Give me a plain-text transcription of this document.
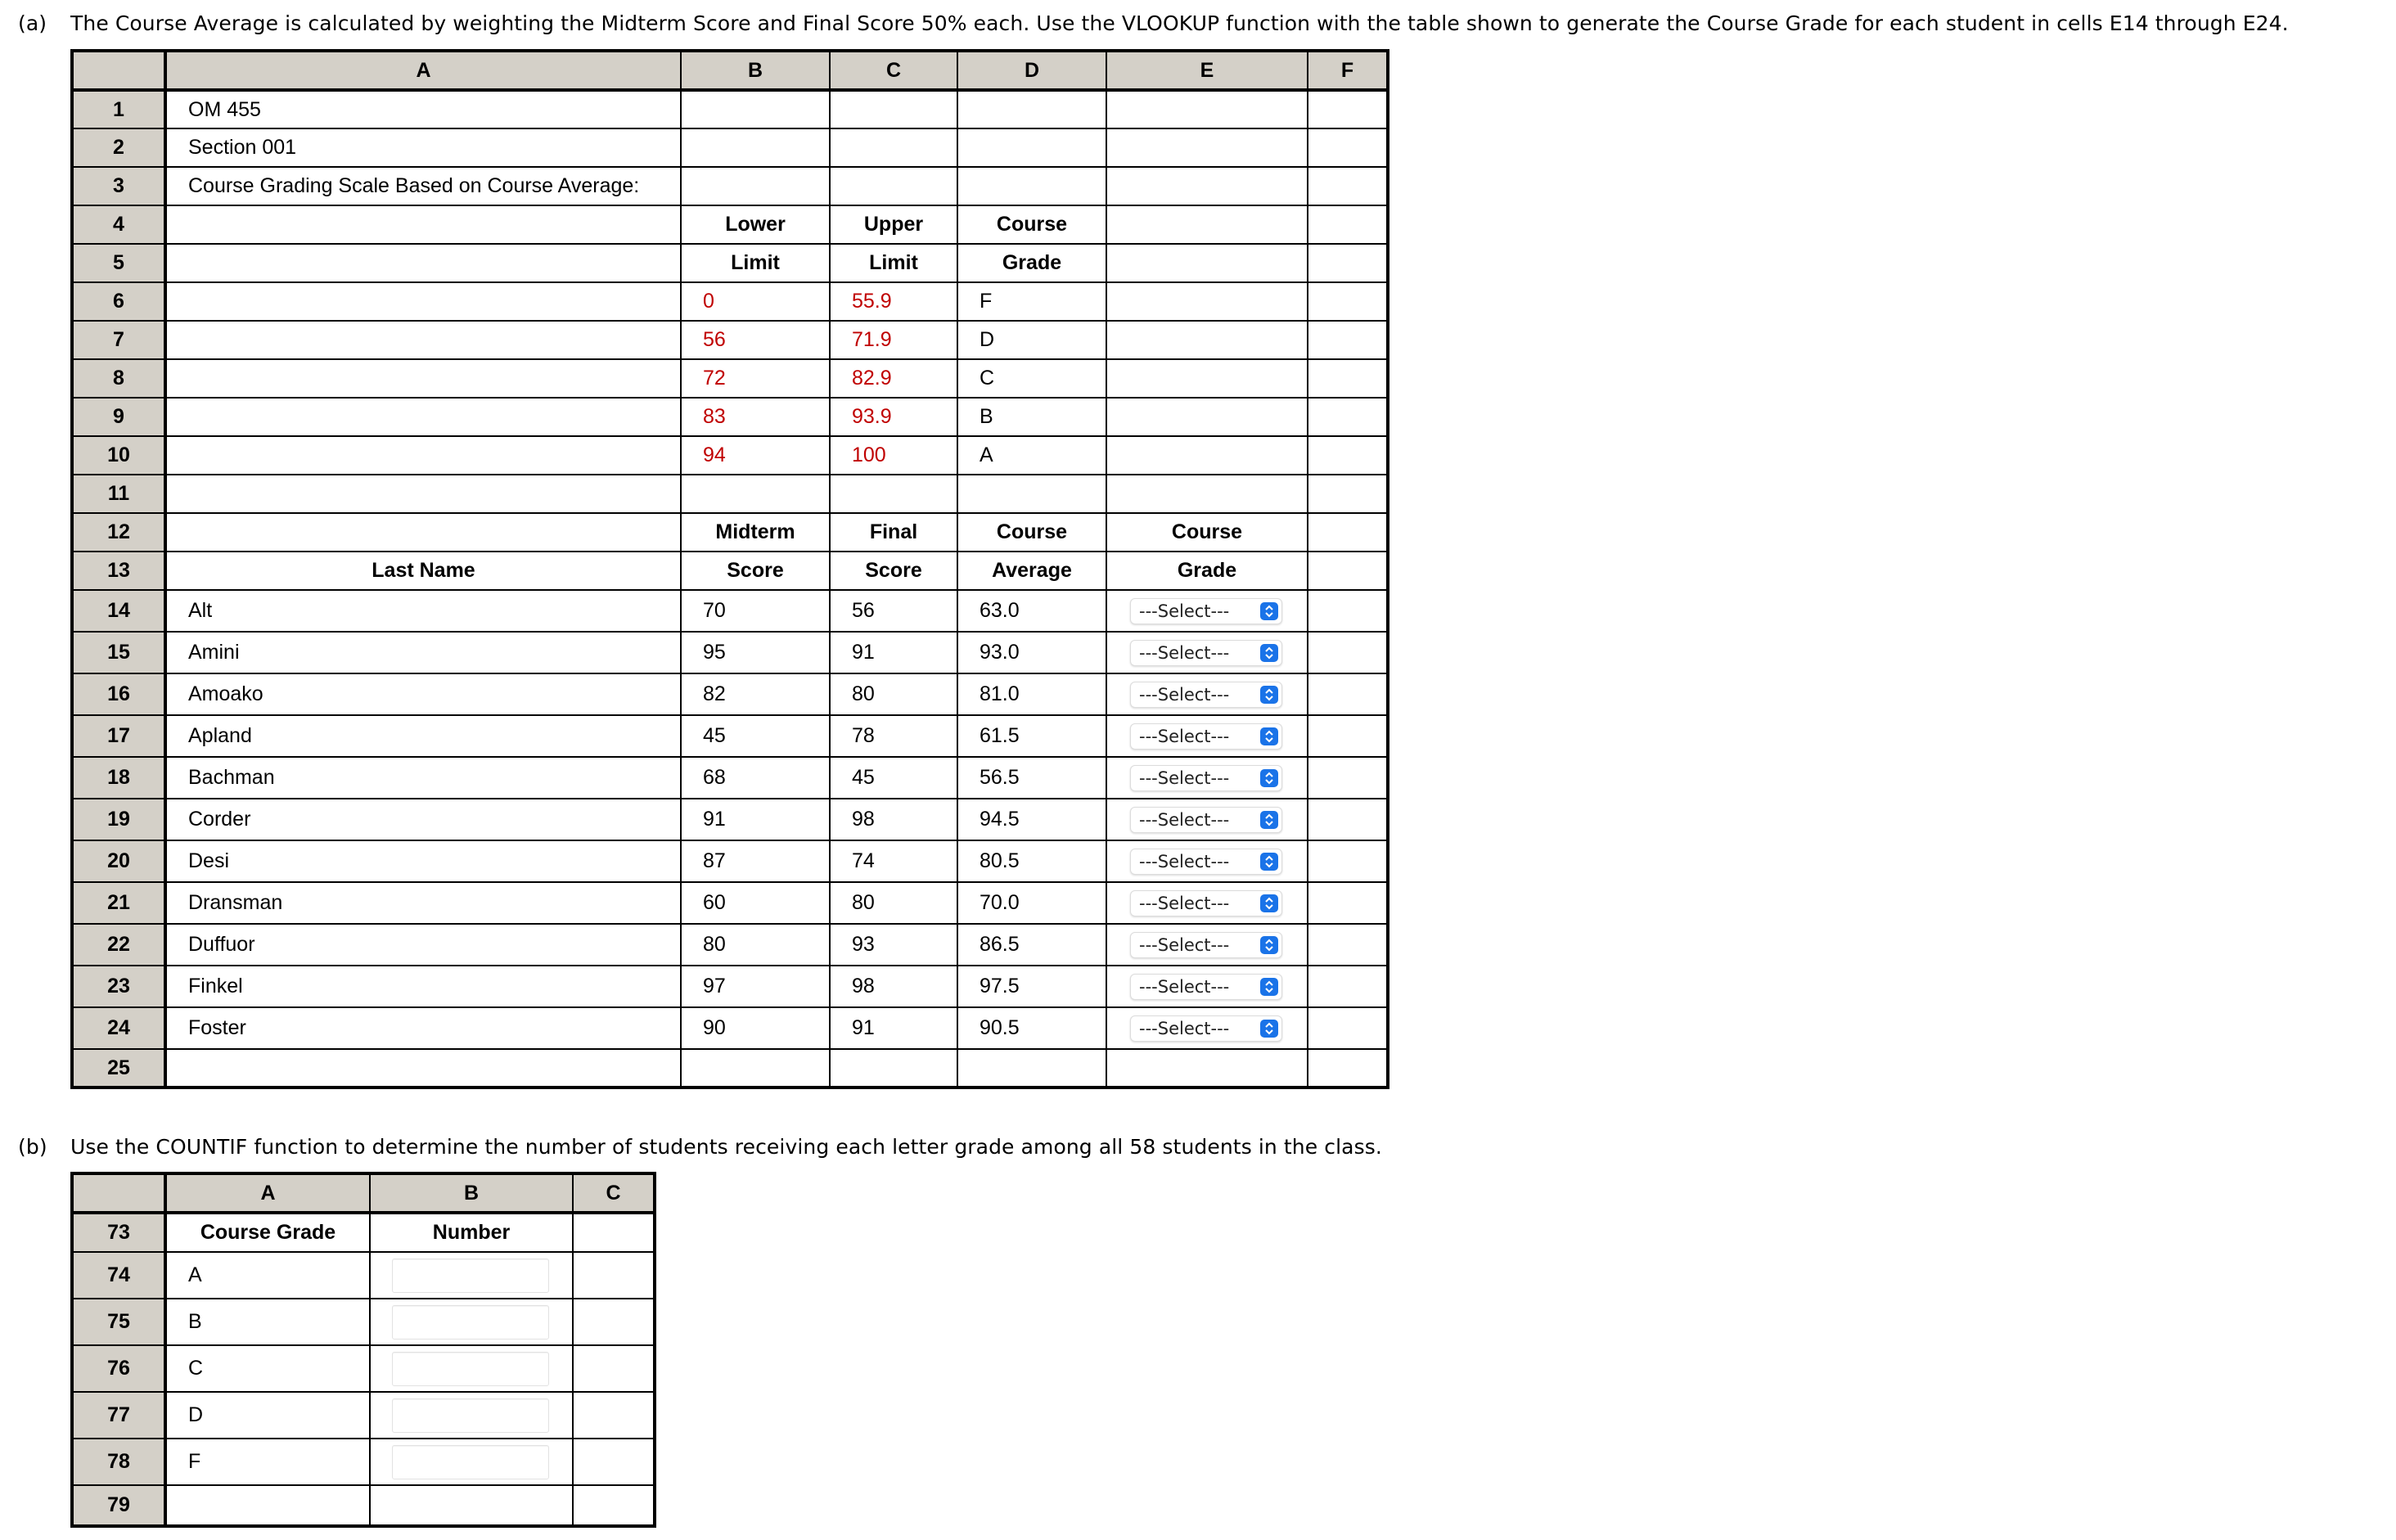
(a) The Course Average is calculated by weighting the Midterm Score and Final Score 50% each. Use the VLOOKUP function with the table shown to generate the Course Grade for each student in cells E14 through E24.
	A	B	C	D	E	F
1	OM 455					
2	Section 001					
3	Course Grading Scale Based on Course Average:					
4		Lower	Upper	Course		
5		Limit	Limit	Grade		
6		0	55.9	F		
7		56	71.9	D		
8		72	82.9	C		
9		83	93.9	B		
10		94	100	A		
11						
12		Midterm	Final	Course	Course	
13	Last Name	Score	Score	Average	Grade	
14	Alt	70	56	63.0	---Select---	

15	Amini	95	91	93.0	---Select---	

16	Amoako	82	80	81.0	---Select---	

17	Apland	45	78	61.5	---Select---	

18	Bachman	68	45	56.5	---Select---	

19	Corder	91	98	94.5	---Select---	

20	Desi	87	74	80.5	---Select---	

21	Dransman	60	80	70.0	---Select---	

22	Duffuor	80	93	86.5	---Select---	

23	Finkel	97	98	97.5	---Select---	

24	Foster	90	91	90.5	---Select---	

25						
(b) Use the COUNTIF function to determine the number of students receiving each letter grade among all 58 students in the class.
	A	B	C
73	Course Grade	Number	
74	A	

75	B	

76	C	

77	D	

78	F	

79			
